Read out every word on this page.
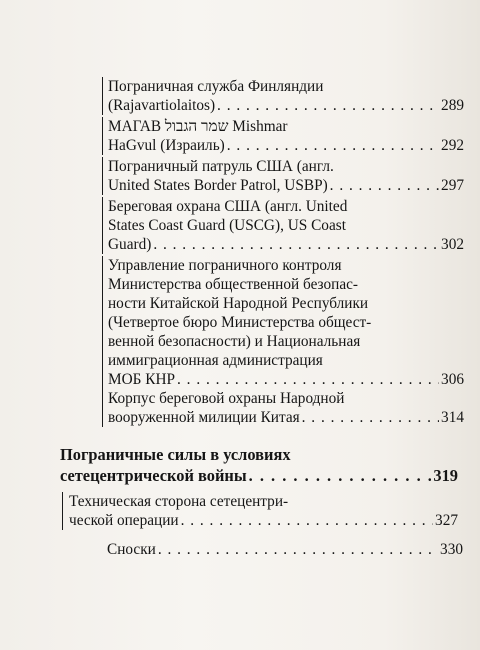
Пограничная служба Финляндии
(Rajavartiolaitos) . . .	289
МАГАВ שמר הגבול Mishmar
HaGvul (Израиль) . . .	292
Пограничный патруль США (англ.
United States Border Patrol, USBP) . . .	297
Береговая охрана США (англ. United
States Coast Guard (USCG), US Coast
Guard) . . .	302
Управление пограничного контроля
Министерства общественной безопас-
ности Китайской Народной Республики
(Четвертое бюро Министерства общест-
венной безопасности) и Национальная
иммиграционная администрация
МОБ КНР . . .	306
Корпус береговой охраны Народной
вооруженной милиции Китая . . .	314
Пограничные силы в условиях
сетецентрической войны . . .	319
Техническая сторона сетецентри-
ческой операции . . .	327
Сноски . . .	330
